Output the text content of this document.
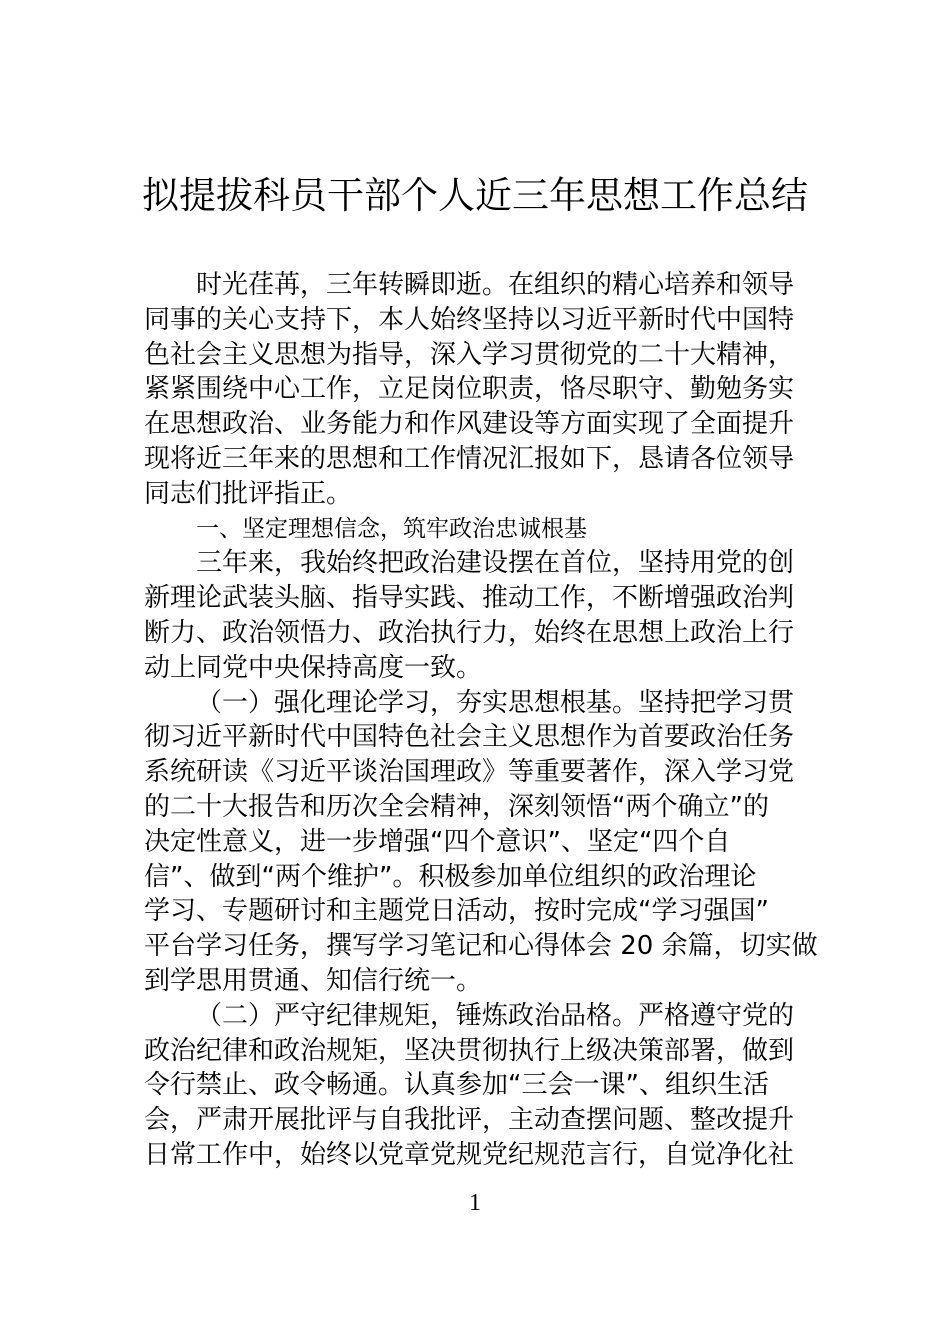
拟提拔科员干部个人近三年思想工作总结
时光荏苒，三年转瞬即逝。在组织的精心培养和领导
同事的关心支持下，本人始终坚持以习近平新时代中国特
色社会主义思想为指导，深入学习贯彻党的二十大精神，
紧紧围绕中心工作，立足岗位职责，恪尽职守、勤勉务实
在思想政治、业务能力和作风建设等方面实现了全面提升
现将近三年来的思想和工作情况汇报如下，恳请各位领导
同志们批评指正。
一、坚定理想信念，筑牢政治忠诚根基
三年来，我始终把政治建设摆在首位，坚持用党的创
新理论武装头脑、指导实践、推动工作，不断增强政治判
断力、政治领悟力、政治执行力，始终在思想上政治上行
动上同党中央保持高度一致。
（一）强化理论学习，夯实思想根基。坚持把学习贯
彻习近平新时代中国特色社会主义思想作为首要政治任务
系统研读《习近平谈治国理政》等重要著作，深入学习党
的二十大报告和历次全会精神，深刻领悟“两个确立”的
决定性意义，进一步增强“四个意识”、坚定“四个自
信”、做到“两个维护”。积极参加单位组织的政治理论
学习、专题研讨和主题党日活动，按时完成“学习强国”
平台学习任务，撰写学习笔记和心得体会 20 余篇，切实做
到学思用贯通、知信行统一。
（二）严守纪律规矩，锤炼政治品格。严格遵守党的
政治纪律和政治规矩，坚决贯彻执行上级决策部署，做到
令行禁止、政令畅通。认真参加“三会一课”、组织生活
会，严肃开展批评与自我批评，主动查摆问题、整改提升
日常工作中，始终以党章党规党纪规范言行，自觉净化社
1
